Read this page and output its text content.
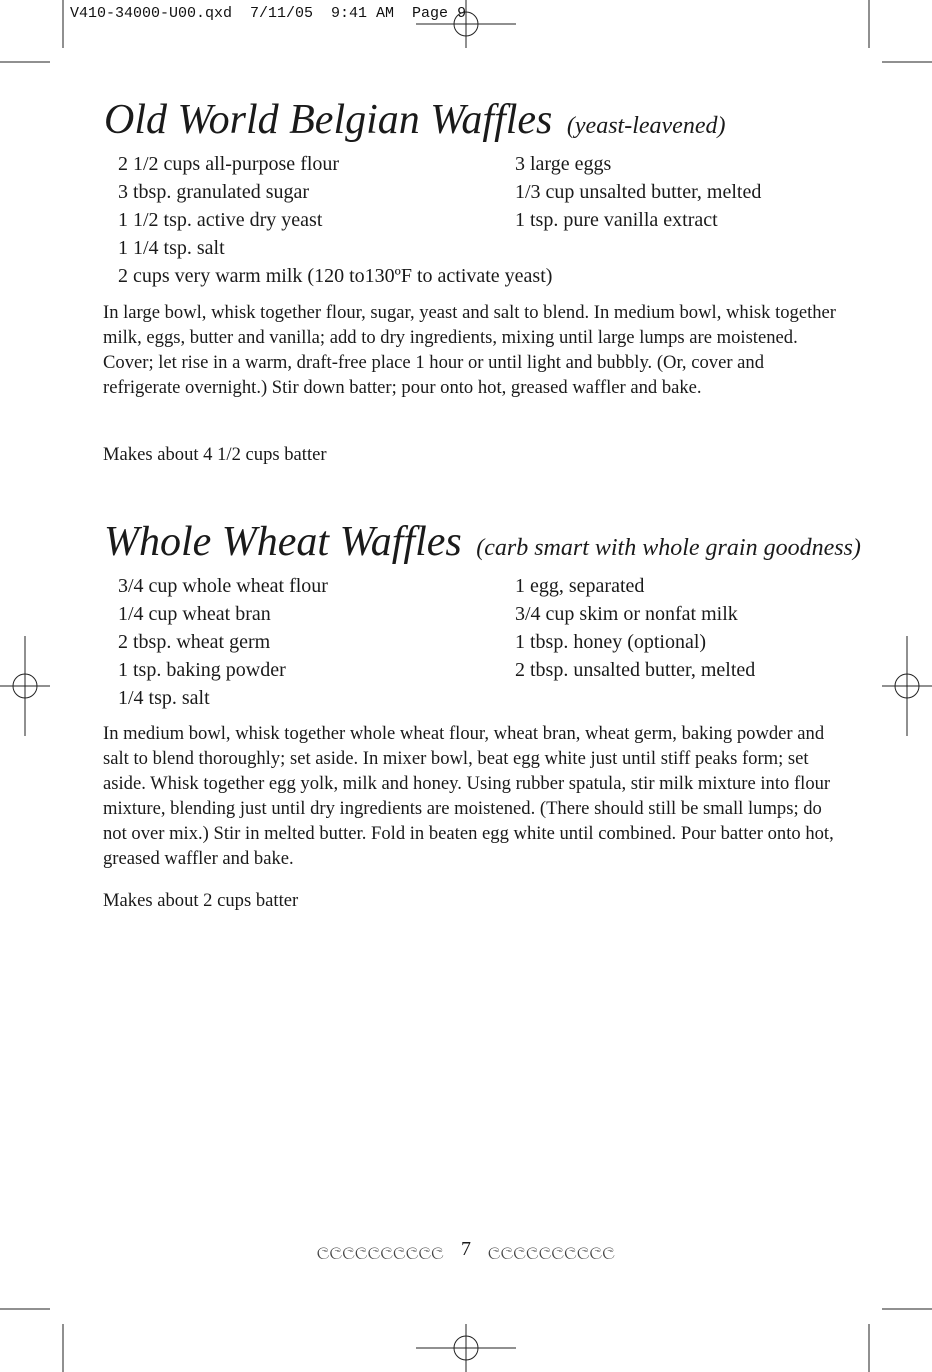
V410-34000-U00.qxd  7/11/05  9:41 AM  Page 9
Old World Belgian Waffles (yeast-leavened)
2 1/2 cups all-purpose flour
3 tbsp. granulated sugar
1 1/2 tsp. active dry yeast
1 1/4 tsp. salt
2 cups very warm milk (120 to130ºF to activate yeast)
3 large eggs
1/3 cup unsalted butter, melted
1 tsp. pure vanilla extract

In large bowl, whisk together flour, sugar, yeast and salt to blend. In medium bowl, whisk together milk, eggs, butter and vanilla; add to dry ingredients, mixing until large lumps are moistened. Cover; let rise in a warm, draft-free place 1 hour or until light and bubbly. (Or, cover and refrigerate overnight.) Stir down batter; pour onto hot, greased waffler and bake.

Makes about 4 1/2 cups batter

Whole Wheat Waffles (carb smart with whole grain goodness)
3/4 cup whole wheat flour
1/4 cup wheat bran
2 tbsp. wheat germ
1 tsp. baking powder
1/4 tsp. salt
1 egg, separated
3/4 cup skim or nonfat milk
1 tbsp. honey (optional)
2 tbsp. unsalted butter, melted

In medium bowl, whisk together whole wheat flour, wheat bran, wheat germ, baking powder and salt to blend thoroughly; set aside. In mixer bowl, beat egg white just until stiff peaks form; set aside. Whisk together egg yolk, milk and honey. Using rubber spatula, stir milk mixture into flour mixture, blending just until dry ingredients are moistened. (There should still be small lumps; do not over mix.) Stir in melted butter. Fold in beaten egg white until combined. Pour batter onto hot, greased waffler and bake.

Makes about 2 cups batter

ලලලලලලලලලල 7 ලලලලලලලලලල
